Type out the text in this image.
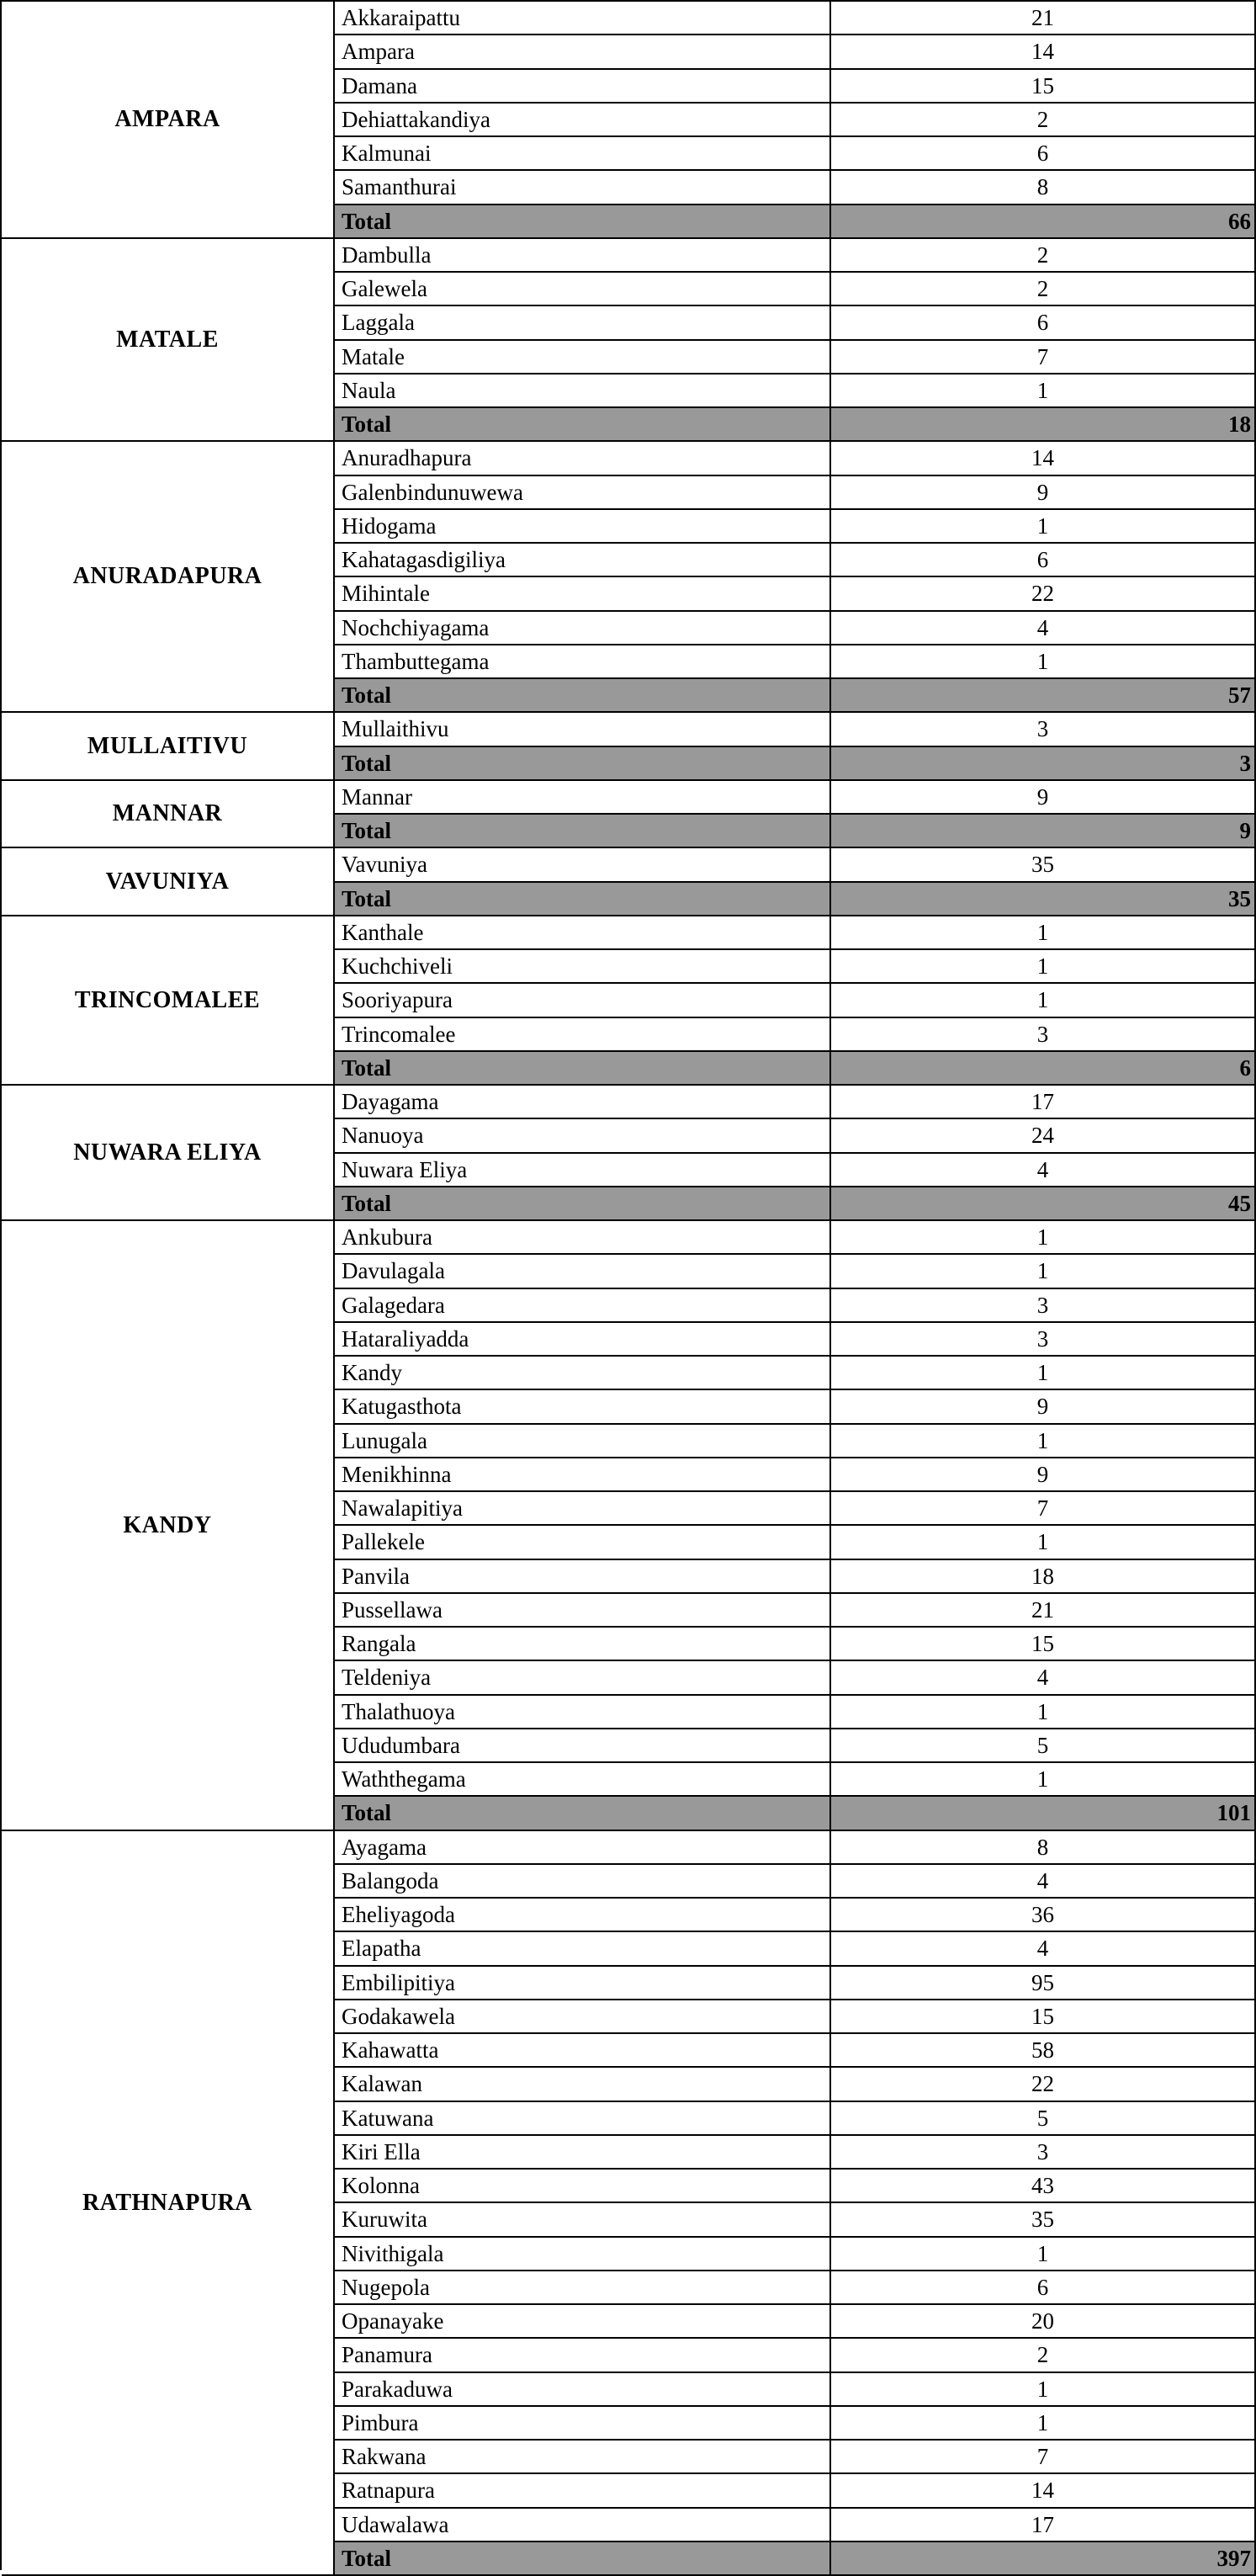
AMPARA
Akkaraipattu	21
Ampara	14
Damana	15
Dehiattakandiya	2
Kalmunai	6
Samanthurai	8
Total	66
MATALE
Dambulla	2
Galewela	2
Laggala	6
Matale	7
Naula	1
Total	18
ANURADAPURA
Anuradhapura	14
Galenbindunuwewa	9
Hidogama	1
Kahatagasdigiliya	6
Mihintale	22
Nochchiyagama	4
Thambuttegama	1
Total	57
MULLAITIVU
Mullaithivu	3
Total	3
MANNAR
Mannar	9
Total	9
VAVUNIYA
Vavuniya	35
Total	35
TRINCOMALEE
Kanthale	1
Kuchchiveli	1
Sooriyapura	1
Trincomalee	3
Total	6
NUWARA ELIYA
Dayagama	17
Nanuoya	24
Nuwara Eliya	4
Total	45
KANDY
Ankubura	1
Davulagala	1
Galagedara	3
Hataraliyadda	3
Kandy	1
Katugasthota	9
Lunugala	1
Menikhinna	9
Nawalapitiya	7
Pallekele	1
Panvila	18
Pussellawa	21
Rangala	15
Teldeniya	4
Thalathuoya	1
Ududumbara	5
Waththegama	1
Total	101
RATHNAPURA
Ayagama	8
Balangoda	4
Eheliyagoda	36
Elapatha	4
Embilipitiya	95
Godakawela	15
Kahawatta	58
Kalawan	22
Katuwana	5
Kiri Ella	3
Kolonna	43
Kuruwita	35
Nivithigala	1
Nugepola	6
Opanayake	20
Panamura	2
Parakaduwa	1
Pimbura	1
Rakwana	7
Ratnapura	14
Udawalawa	17
Total	397
